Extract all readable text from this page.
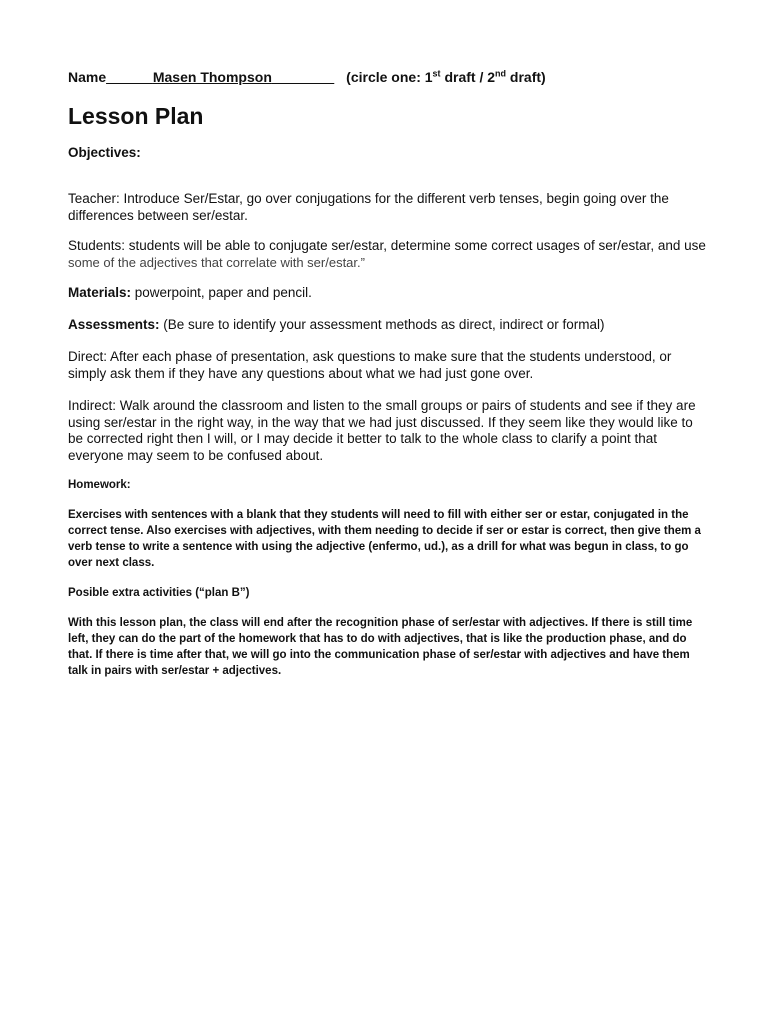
Name______Masen Thompson________ (circle one: 1st draft / 2nd draft)

Lesson Plan

Objectives:

Teacher: Introduce Ser/Estar, go over conjugations for the different verb tenses, begin going over the differences between ser/estar.

Students: students will be able to conjugate ser/estar, determine some correct usages of ser/estar, and use some of the adjectives that correlate with ser/estar.”

Materials: powerpoint, paper and pencil.

Assessments: (Be sure to identify your assessment methods as direct, indirect or formal)

Direct: After each phase of presentation, ask questions to make sure that the students understood, or simply ask them if they have any questions about what we had just gone over.

Indirect: Walk around the classroom and listen to the small groups or pairs of students and see if they are using ser/estar in the right way, in the way that we had just discussed. If they seem like they would like to be corrected right then I will, or I may decide it better to talk to the whole class to clarify a point that everyone may seem to be confused about.

Homework:

Exercises with sentences with a blank that they students will need to fill with either ser or estar, conjugated in the correct tense. Also exercises with adjectives, with them needing to decide if ser or estar is correct, then give them a verb tense to write a sentence with using the adjective (enfermo, ud.), as a drill for what was begun in class, to go over next class.

Posible extra activities (“plan B”)

With this lesson plan, the class will end after the recognition phase of ser/estar with adjectives. If there is still time left, they can do the part of the homework that has to do with adjectives, that is like the production phase, and do that. If there is time after that, we will go into the communication phase of ser/estar with adjectives and have them talk in pairs with ser/estar + adjectives.
